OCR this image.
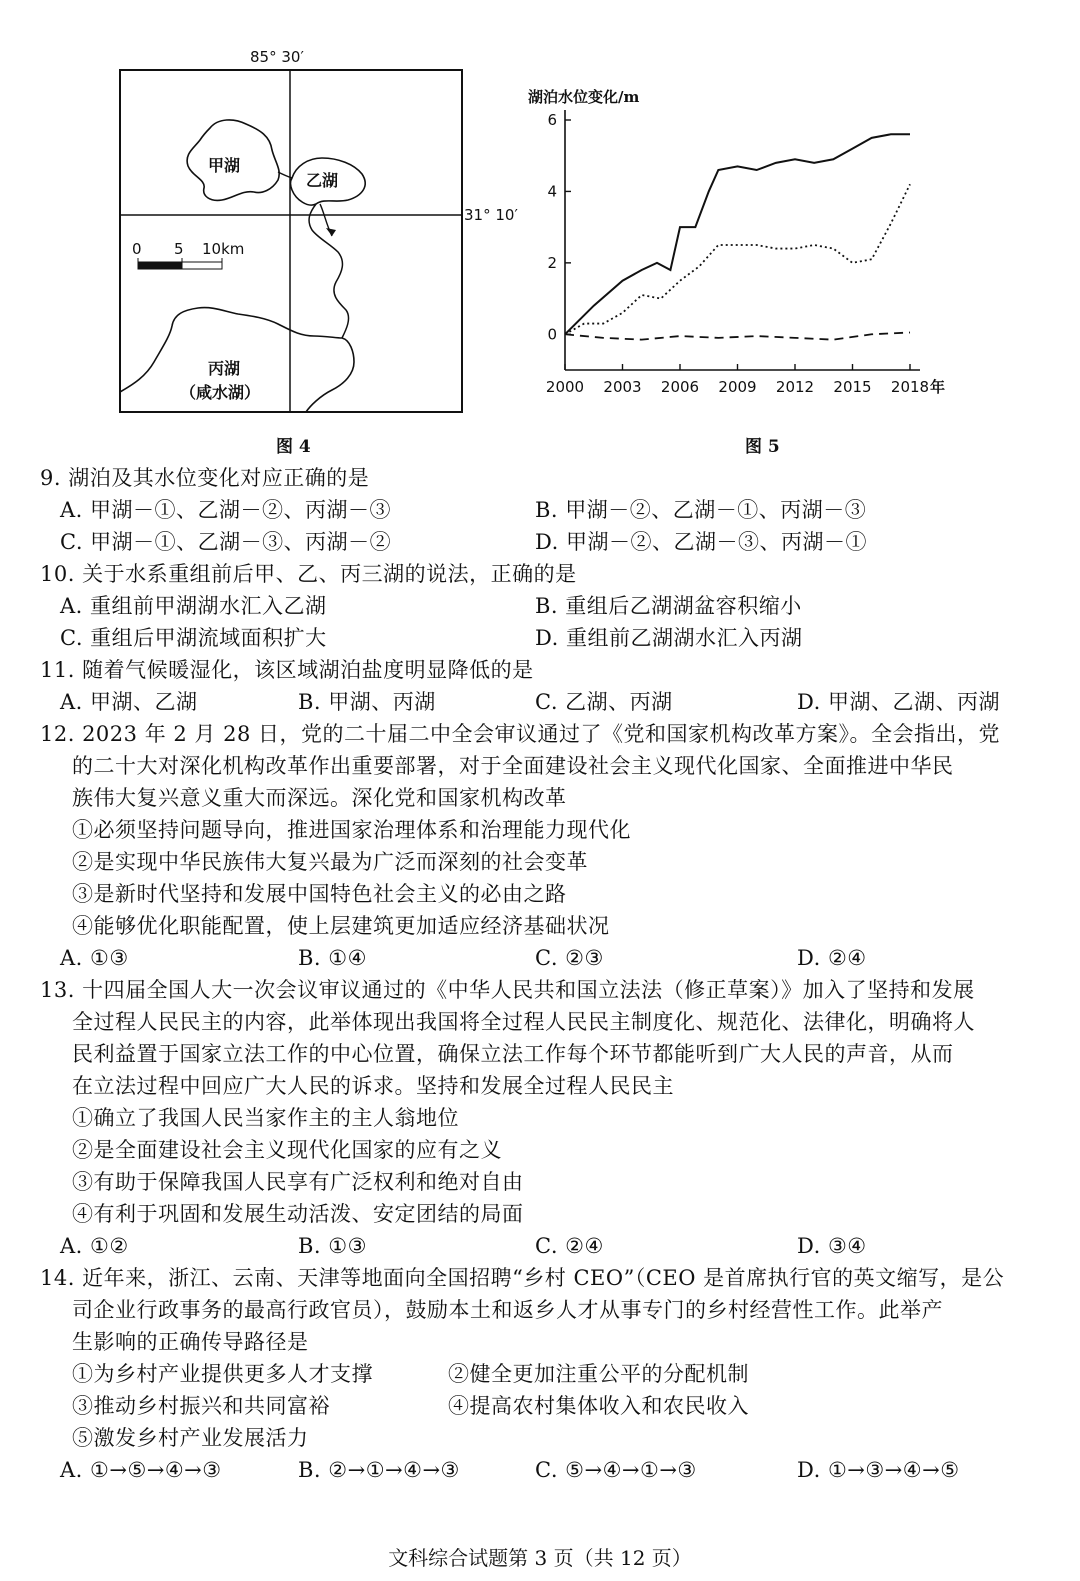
85° 30′
31° 10′
甲湖
乙湖
丙湖
（咸水湖）
0 5 10km
图 4
湖泊水位变化/m
0
2
4
6
2000 2003 2006 2009 2012 2015 2018 年
图 5
9. 湖泊及其水位变化对应正确的是
A. 甲湖－①、乙湖－②、丙湖－③	B. 甲湖－②、乙湖－①、丙湖－③
C. 甲湖－①、乙湖－③、丙湖－②	D. 甲湖－②、乙湖－③、丙湖－①
10. 关于水系重组前后甲、乙、丙三湖的说法，正确的是
A. 重组前甲湖湖水汇入乙湖	B. 重组后乙湖湖盆容积缩小
C. 重组后甲湖流域面积扩大	D. 重组前乙湖湖水汇入丙湖
11. 随着气候暖湿化，该区域湖泊盐度明显降低的是
A. 甲湖、乙湖	B. 甲湖、丙湖	C. 乙湖、丙湖	D. 甲湖、乙湖、丙湖
12. 2023 年 2 月 28 日，党的二十届二中全会审议通过了《党和国家机构改革方案》。全会指出，党
的二十大对深化机构改革作出重要部署，对于全面建设社会主义现代化国家、全面推进中华民
族伟大复兴意义重大而深远。深化党和国家机构改革
①必须坚持问题导向，推进国家治理体系和治理能力现代化
②是实现中华民族伟大复兴最为广泛而深刻的社会变革
③是新时代坚持和发展中国特色社会主义的必由之路
④能够优化职能配置，使上层建筑更加适应经济基础状况
A. ①③	B. ①④	C. ②③	D. ②④
13. 十四届全国人大一次会议审议通过的《中华人民共和国立法法（修正草案）》加入了坚持和发展
全过程人民民主的内容，此举体现出我国将全过程人民民主制度化、规范化、法律化，明确将人
民利益置于国家立法工作的中心位置，确保立法工作每个环节都能听到广大人民的声音，从而
在立法过程中回应广大人民的诉求。坚持和发展全过程人民民主
①确立了我国人民当家作主的主人翁地位
②是全面建设社会主义现代化国家的应有之义
③有助于保障我国人民享有广泛权利和绝对自由
④有利于巩固和发展生动活泼、安定团结的局面
A. ①②	B. ①③	C. ②④	D. ③④
14. 近年来，浙江、云南、天津等地面向全国招聘“乡村 CEO”（CEO 是首席执行官的英文缩写，是公
司企业行政事务的最高行政官员），鼓励本土和返乡人才从事专门的乡村经营性工作。此举产
生影响的正确传导路径是
①为乡村产业提供更多人才支撑	②健全更加注重公平的分配机制
③推动乡村振兴和共同富裕	④提高农村集体收入和农民收入
⑤激发乡村产业发展活力
A. ①→⑤→④→③	B. ②→①→④→③	C. ⑤→④→①→③	D. ①→③→④→⑤
文科综合试题第 3 页（共 12 页）
